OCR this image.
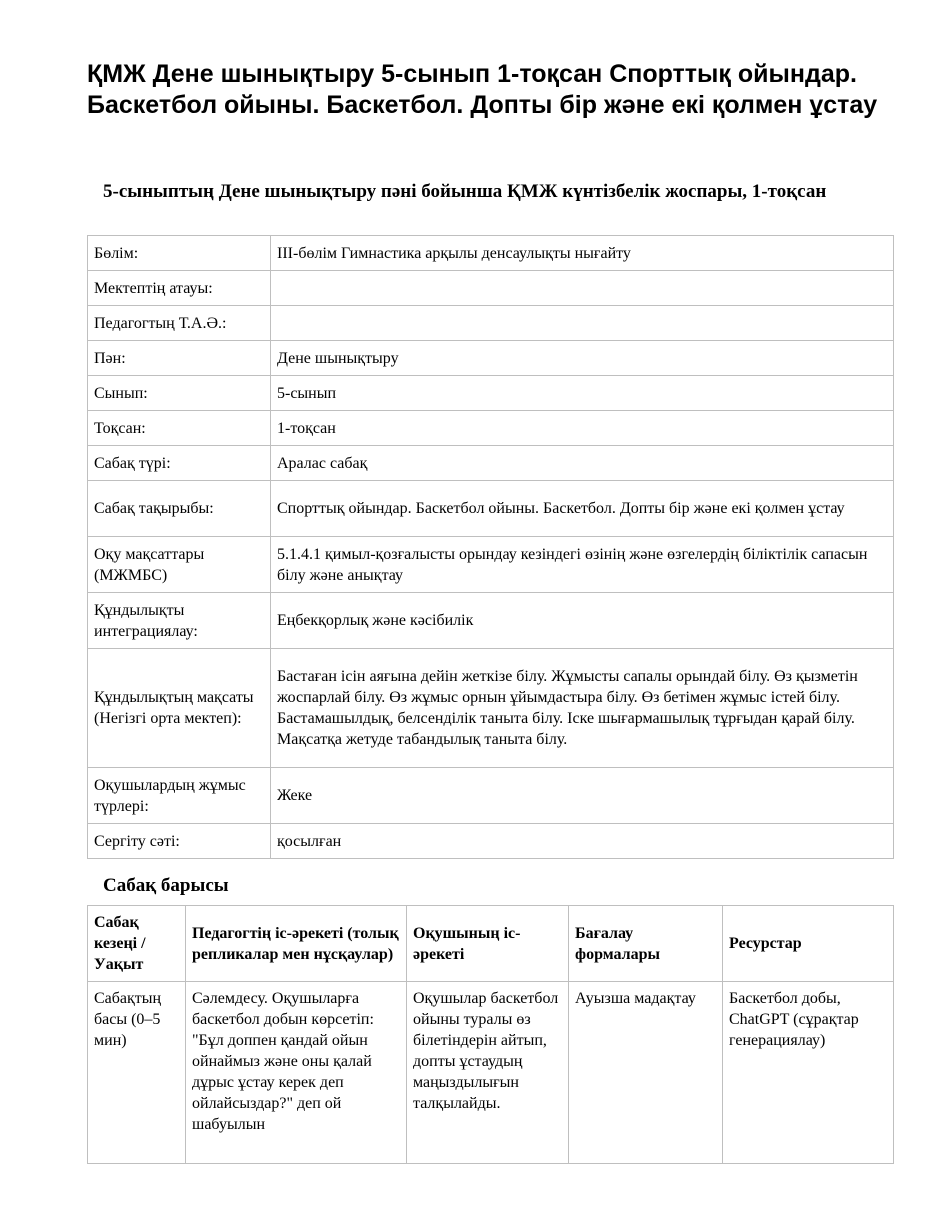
ҚМЖ Дене шынықтыру 5-сынып 1-тоқсан Спорттық ойындар. Баскетбол ойыны. Баскетбол. Допты бір және екі қолмен ұстау
5-сыныптың Дене шынықтыру пәні бойынша ҚМЖ күнтізбелік жоспары, 1-тоқсан
Бөлім:	III-бөлім Гимнастика арқылы денсаулықты нығайту
Мектептің атауы:	
Педагогтың Т.А.Ә.:	
Пән:	Дене шынықтыру
Сынып:	5-сынып
Тоқсан:	1-тоқсан
Сабақ түрі:	Аралас сабақ
Сабақ тақырыбы:	Спорттық ойындар. Баскетбол ойыны. Баскетбол. Допты бір және екі қолмен ұстау
Оқу мақсаттары (МЖМБС)	5.1.4.1 қимыл-қозғалысты орындау кезіндегі өзінің және өзгелердің біліктілік сапасын білу және анықтау
Құндылықты интеграциялау:	Еңбекқорлық және кәсібилік
Құндылықтың мақсаты (Негізгі орта мектеп):	Бастаған ісін аяғына дейін жеткізе білу. Жұмысты сапалы орындай білу. Өз қызметін жоспарлай білу. Өз жұмыс орнын ұйымдастыра білу. Өз бетімен жұмыс істей білу. Бастамашылдық, белсенділік таныта білу. Іске шығармашылық тұрғыдан қарай білу. Мақсатқа жетуде табандылық таныта білу.
Оқушылардың жұмыс түрлері:	Жеке
Сергіту сәті:	қосылған
Сабақ барысы
Сабақ кезеңі / Уақыт	Педагогтің іс-әрекеті (толық репликалар мен нұсқаулар)	Оқушының іс-әрекеті	Бағалау формалары	Ресурстар
Сабақтың басы (0–5 мин)	Сәлемдесу. Оқушыларға баскетбол добын көрсетіп: "Бұл доппен қандай ойын ойнаймыз және оны қалай дұрыс ұстау керек деп ойлайсыздар?" деп ой шабуылын	Оқушылар баскетбол ойыны туралы өз білетіндерін айтып, допты ұстаудың маңыздылығын талқылайды.	Ауызша мадақтау	Баскетбол добы, ChatGPT (сұрақтар генерациялау)
